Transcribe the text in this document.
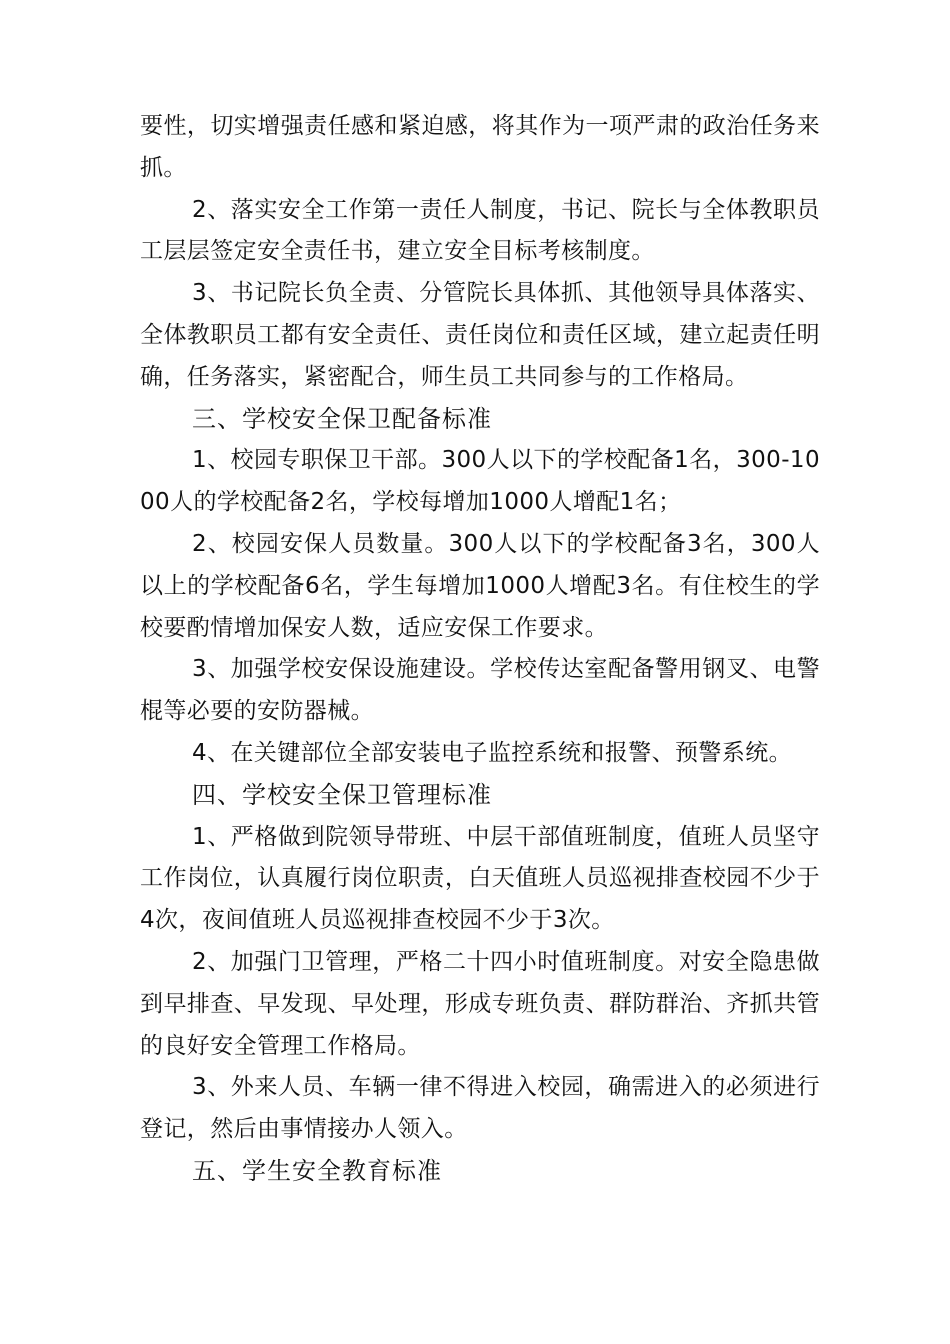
要性，切实增强责任感和紧迫感，将其作为一项严肃的政治任务来抓。

2、落实安全工作第一责任人制度，书记、院长与全体教职员工层层签定安全责任书，建立安全目标考核制度。

3、书记院长负全责、分管院长具体抓、其他领导具体落实、全体教职员工都有安全责任、责任岗位和责任区域，建立起责任明确，任务落实，紧密配合，师生员工共同参与的工作格局。

三、学校安全保卫配备标准

1、校园专职保卫干部。300人以下的学校配备1名，300-1000人的学校配备2名，学校每增加1000人增配1名；

2、校园安保人员数量。300人以下的学校配备3名，300人以上的学校配备6名，学生每增加1000人增配3名。有住校生的学校要酌情增加保安人数，适应安保工作要求。

3、加强学校安保设施建设。学校传达室配备警用钢叉、电警棍等必要的安防器械。

4、在关键部位全部安装电子监控系统和报警、预警系统。

四、学校安全保卫管理标准

1、严格做到院领导带班、中层干部值班制度，值班人员坚守工作岗位，认真履行岗位职责，白天值班人员巡视排查校园不少于4次，夜间值班人员巡视排查校园不少于3次。

2、加强门卫管理，严格二十四小时值班制度。对安全隐患做到早排查、早发现、早处理，形成专班负责、群防群治、齐抓共管的良好安全管理工作格局。

3、外来人员、车辆一律不得进入校园，确需进入的必须进行登记，然后由事情接办人领入。

五、学生安全教育标准
